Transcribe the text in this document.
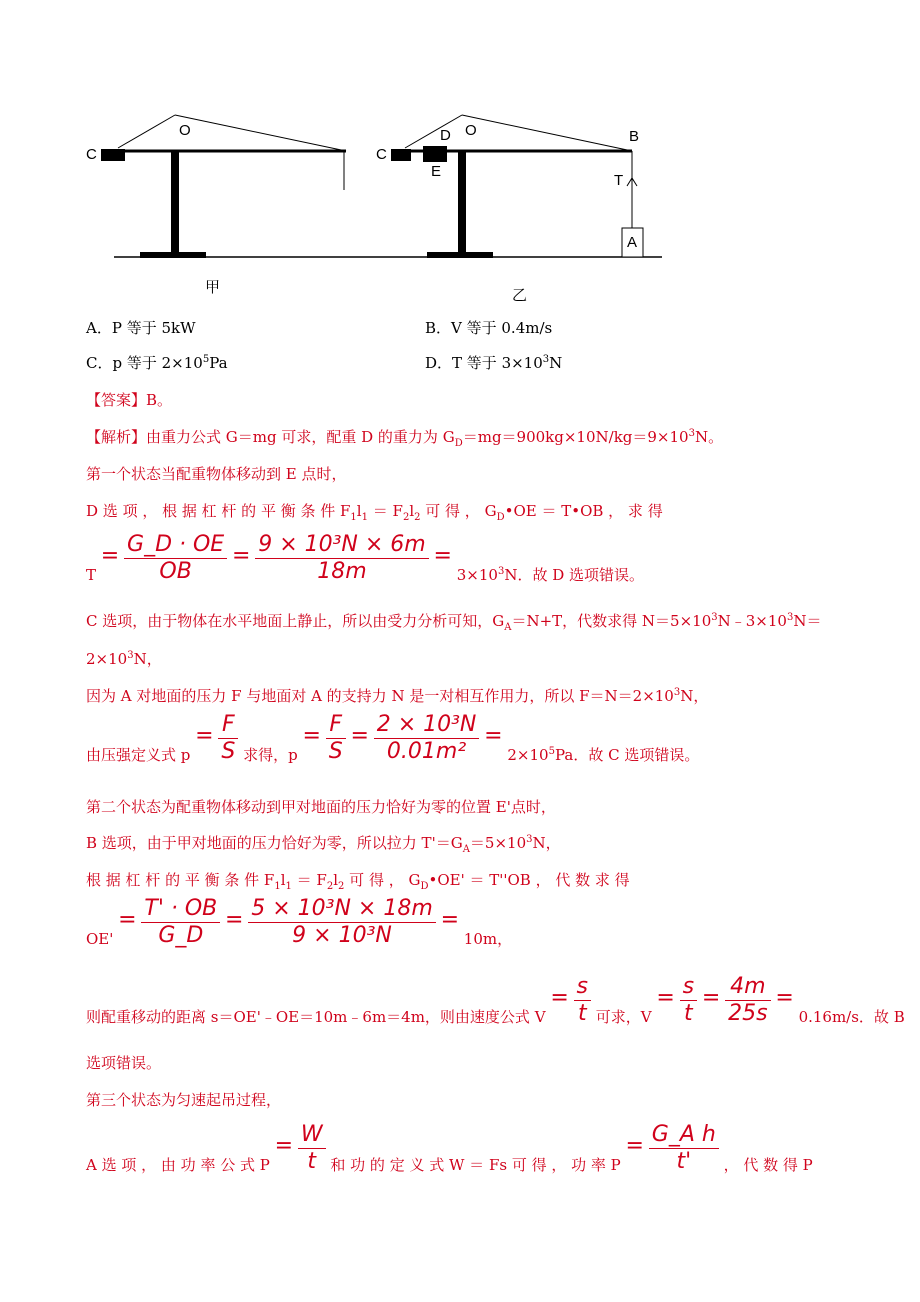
C
O
甲
C
D O	B
E
T
A
乙
A．P 等于 5kW	B．V 等于 0.4m/s
C．p 等于 $2\times 10^5Pa$	D．T 等于 $3\times 10^3N$
【答案】B。
【解析】由重力公式 G＝mg 可求，配重 D 的重力为 $G_D=mg=900kg\times 10N/kg=9\times 10^3N$。
第一个状态当配重物体移动到 E 点时，
D 选 项 ， 根 据 杠 杆 的 平 衡 条 件 $F_1l_1 = F_2l_2$ 可 得 ， $G_D•OE$ ＝ T•OB ， 求 得
$T = \frac{G\_D \cdot OE}{OB} = \frac{\text{9 × 10³N × 6m}}{18m} = 3\times 10^3N$．故 D 选项错误。
C 选项，由于物体在水平地面上静止，所以由受力分析可知，$G_A=N+T$，代数求得 $N=5\times 10^3N﹣3\times 10^3N=$
$2\times 10^3N$，
因为 A 对地面的压力 F 与地面对 A 的支持力 N 是一对相互作用力，所以 $F=N=2\times 10^3N$，
由压强定义式 $p = \frac{F}{S}$ 求得，$p = \frac{F}{S} = \frac{\text{2 × 10³N}}{\text{0.01m²}} = 2\times 10^5Pa$．故 C 选项错误。
第二个状态为配重物体移动到甲对地面的压力恰好为零的位置 E'点时，
B 选项，由于甲对地面的压力恰好为零，所以拉力 $T'=G_A=5\times 10^3N$，
根 据 杠 杆 的 平 衡 条 件 $F_1l_1 = F_2l_2$ 可 得 ， $G_D•OE' = T''OB$ ， 代 数 求 得
$OE' = \frac{T' \cdot OB}{G\_D} = \frac{\text{5 × 10³N × 18m}}{\text{9 × 10³N}} = 10m$，
则配重移动的距离 s＝OE'﹣OE＝10m﹣6m＝4m，则由速度公式 $V = \frac{s}{t}$ 可求，$V = \frac{s}{t} = \frac{4m}{25s} = 0.16m/s$．故 B
选项错误。
第三个状态为匀速起吊过程，
A 选 项 ， 由 功 率 公 式 $P = \frac{W}{t}$ 和 功 的 定 义 式 W ＝ Fs 可 得 ， 功 率 $P = \frac{\text{G\_A h}}{t'}$ ， 代 数 得 P
